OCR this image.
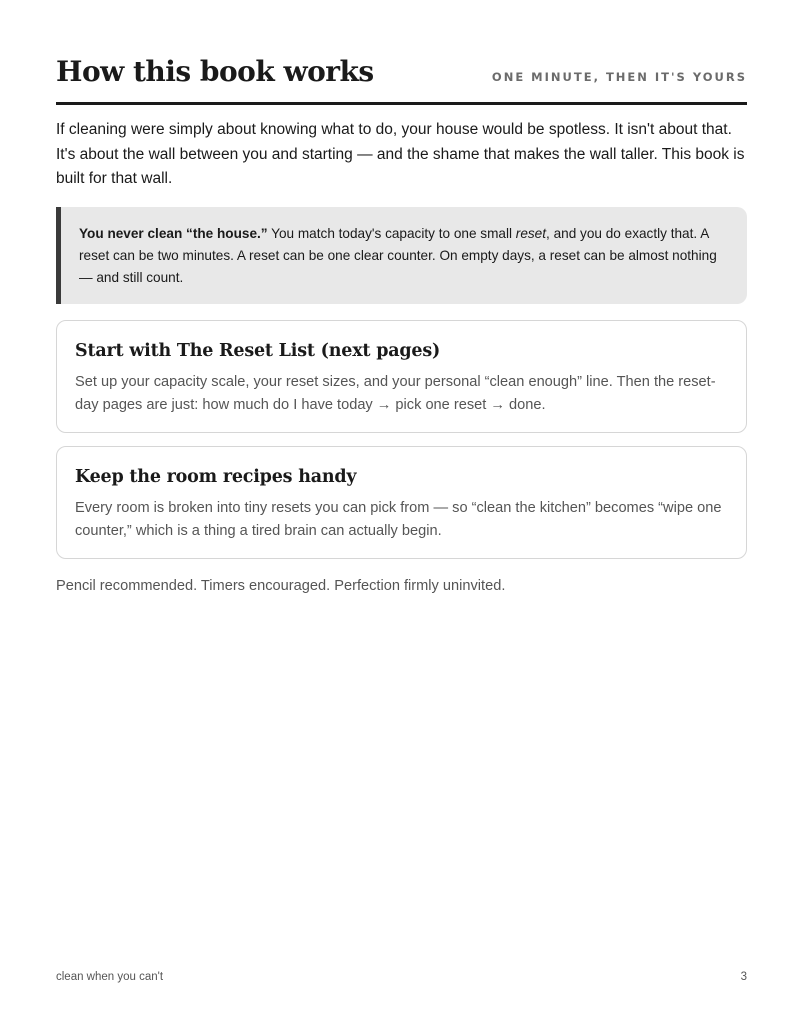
How this book works	ONE MINUTE, THEN IT'S YOURS

If cleaning were simply about knowing what to do, your house would be spotless. It isn't about that. It's about the wall between you and starting — and the shame that makes the wall taller. This book is built for that wall.

You never clean “the house.” You match today's capacity to one small reset, and you do exactly that. A reset can be two minutes. A reset can be one clear counter. On empty days, a reset can be almost nothing — and still count.

Start with The Reset List (next pages)

Set up your capacity scale, your reset sizes, and your personal “clean enough” line. Then the reset-day pages are just: how much do I have today → pick one reset → done.

Keep the room recipes handy

Every room is broken into tiny resets you can pick from — so “clean the kitchen” becomes “wipe one counter,” which is a thing a tired brain can actually begin.

Pencil recommended. Timers encouraged. Perfection firmly uninvited.

clean when you can't	3
